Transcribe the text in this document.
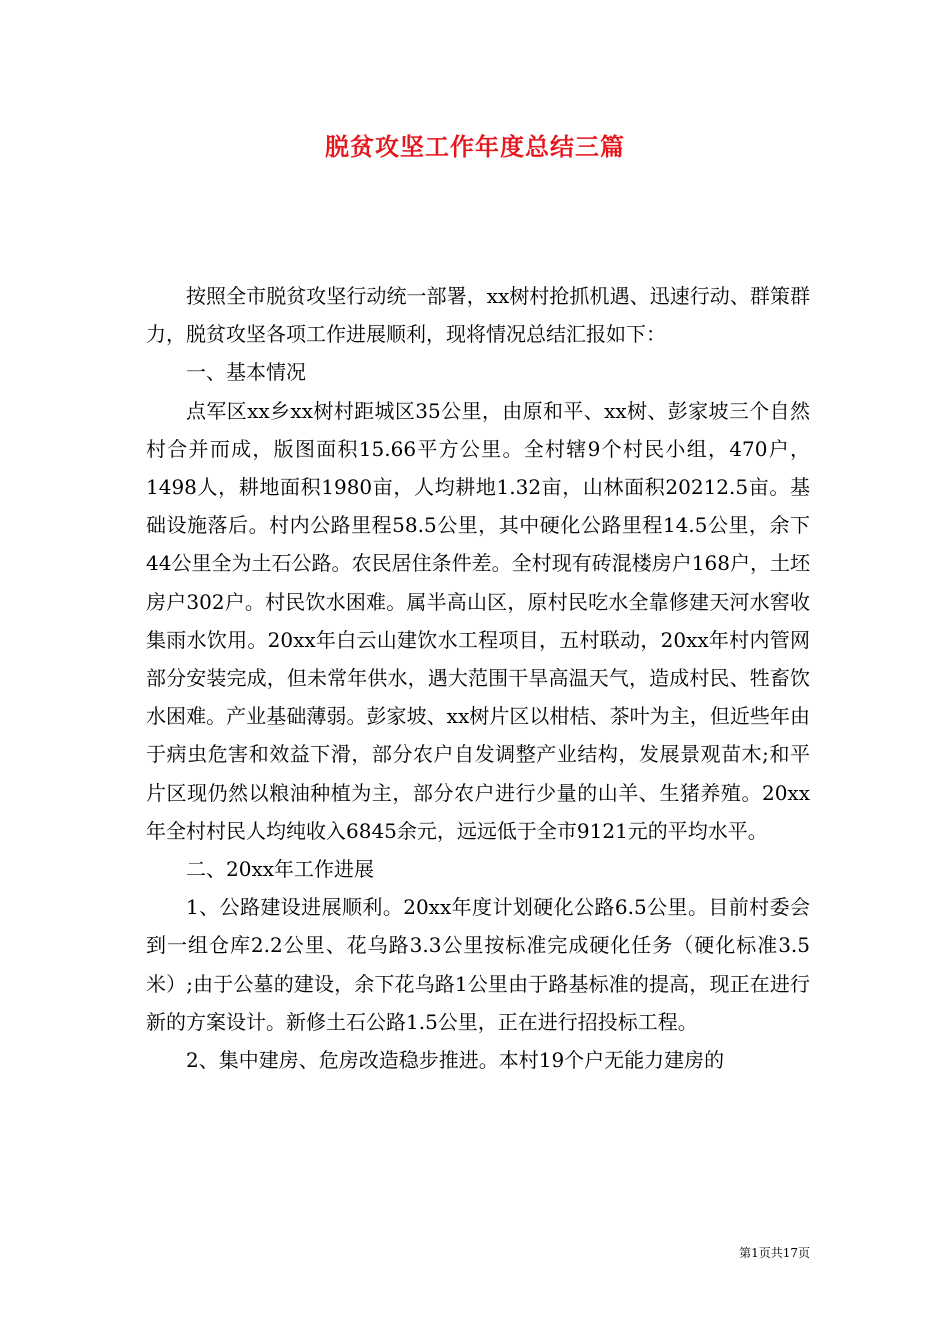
脱贫攻坚工作年度总结三篇

按照全市脱贫攻坚行动统一部署，xx树村抢抓机遇、迅速行动、群策群力，脱贫攻坚各项工作进展顺利，现将情况总结汇报如下：

一、基本情况

点军区xx乡xx树村距城区35公里，由原和平、xx树、彭家坡三个自然村合并而成，版图面积15.66平方公里。全村辖9个村民小组，470户，1498人，耕地面积1980亩，人均耕地1.32亩，山林面积20212.5亩。基础设施落后。村内公路里程58.5公里，其中硬化公路里程14.5公里，余下44公里全为土石公路。农民居住条件差。全村现有砖混楼房户168户，土坯房户302户。村民饮水困难。属半高山区，原村民吃水全靠修建天河水窖收集雨水饮用。20xx年白云山建饮水工程项目，五村联动，20xx年村内管网部分安装完成，但未常年供水，遇大范围干旱高温天气，造成村民、牲畜饮水困难。产业基础薄弱。彭家坡、xx树片区以柑桔、茶叶为主，但近些年由于病虫危害和效益下滑，部分农户自发调整产业结构，发展景观苗木;和平片区现仍然以粮油种植为主，部分农户进行少量的山羊、生猪养殖。20xx年全村村民人均纯收入6845余元，远远低于全市9121元的平均水平。

二、20xx年工作进展

1、公路建设进展顺利。20xx年度计划硬化公路6.5公里。目前村委会到一组仓库2.2公里、花乌路3.3公里按标准完成硬化任务（硬化标准3.5米）;由于公墓的建设，余下花乌路1公里由于路基标准的提高，现正在进行新的方案设计。新修土石公路1.5公里，正在进行招投标工程。

2、集中建房、危房改造稳步推进。本村19个户无能力建房的

第1页共17页
